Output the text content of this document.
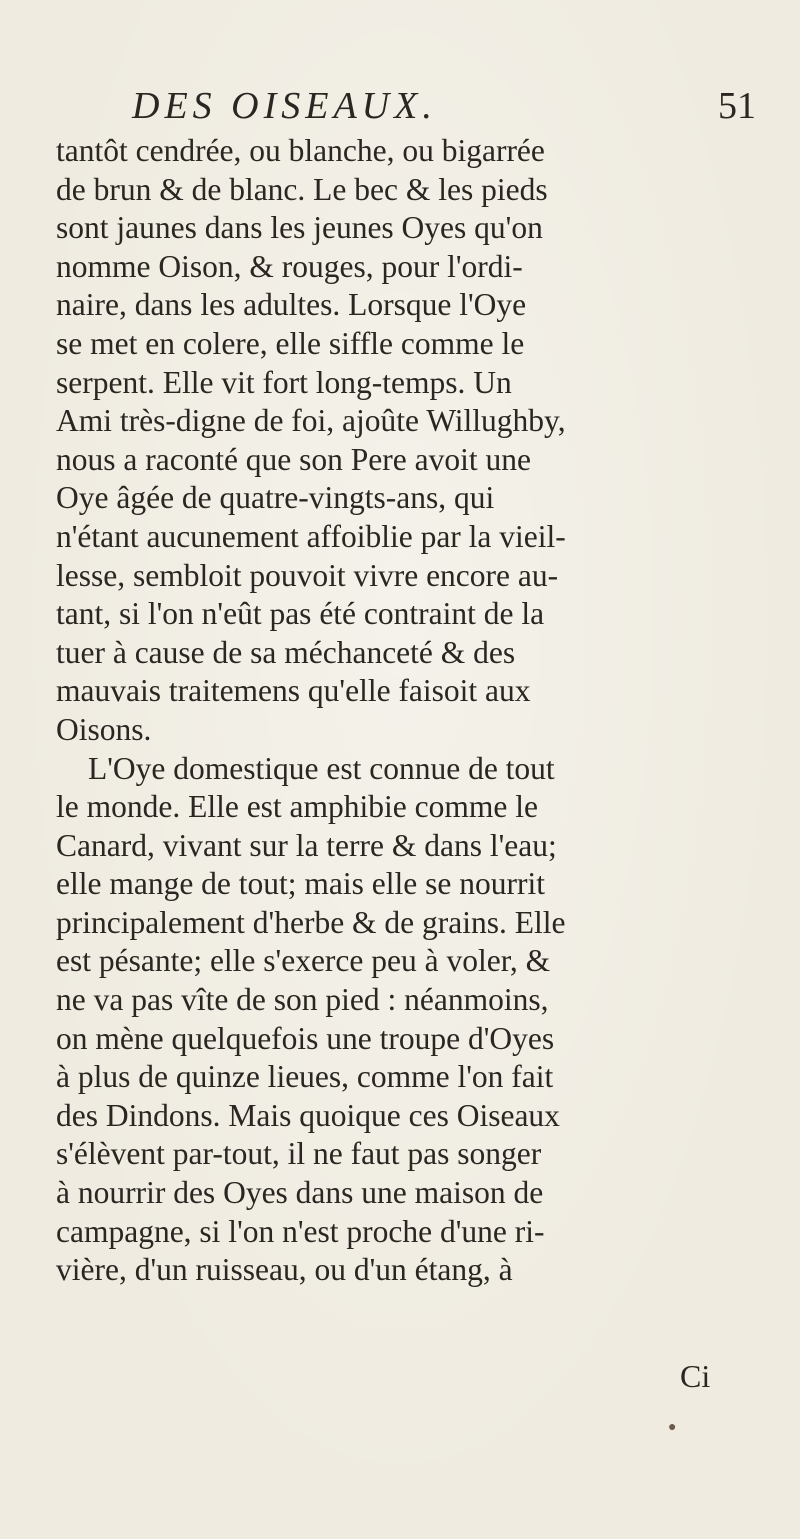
DES OISEAUX.	51
tantôt cendrée, ou blanche, ou bigarrée
de brun & de blanc. Le bec & les pieds
sont jaunes dans les jeunes Oyes qu'on
nomme Oison, & rouges, pour l'ordi-
naire, dans les adultes. Lorsque l'Oye
se met en colere, elle siffle comme le
serpent. Elle vit fort long-temps. Un
Ami très-digne de foi, ajoûte Willughby,
nous a raconté que son Pere avoit une
Oye âgée de quatre-vingts-ans, qui
n'étant aucunement affoiblie par la vieil-
lesse, sembloit pouvoit vivre encore au-
tant, si l'on n'eût pas été contraint de la
tuer à cause de sa méchanceté & des
mauvais traitemens qu'elle faisoit aux
Oisons.
L'Oye domestique est connue de tout
le monde. Elle est amphibie comme le
Canard, vivant sur la terre & dans l'eau;
elle mange de tout; mais elle se nourrit
principalement d'herbe & de grains. Elle
est pésante; elle s'exerce peu à voler, &
ne va pas vîte de son pied : néanmoins,
on mène quelquefois une troupe d'Oyes
à plus de quinze lieues, comme l'on fait
des Dindons. Mais quoique ces Oiseaux
s'élèvent par-tout, il ne faut pas songer
à nourrir des Oyes dans une maison de
campagne, si l'on n'est proche d'une ri-
vière, d'un ruisseau, ou d'un étang, à
Ci
●
